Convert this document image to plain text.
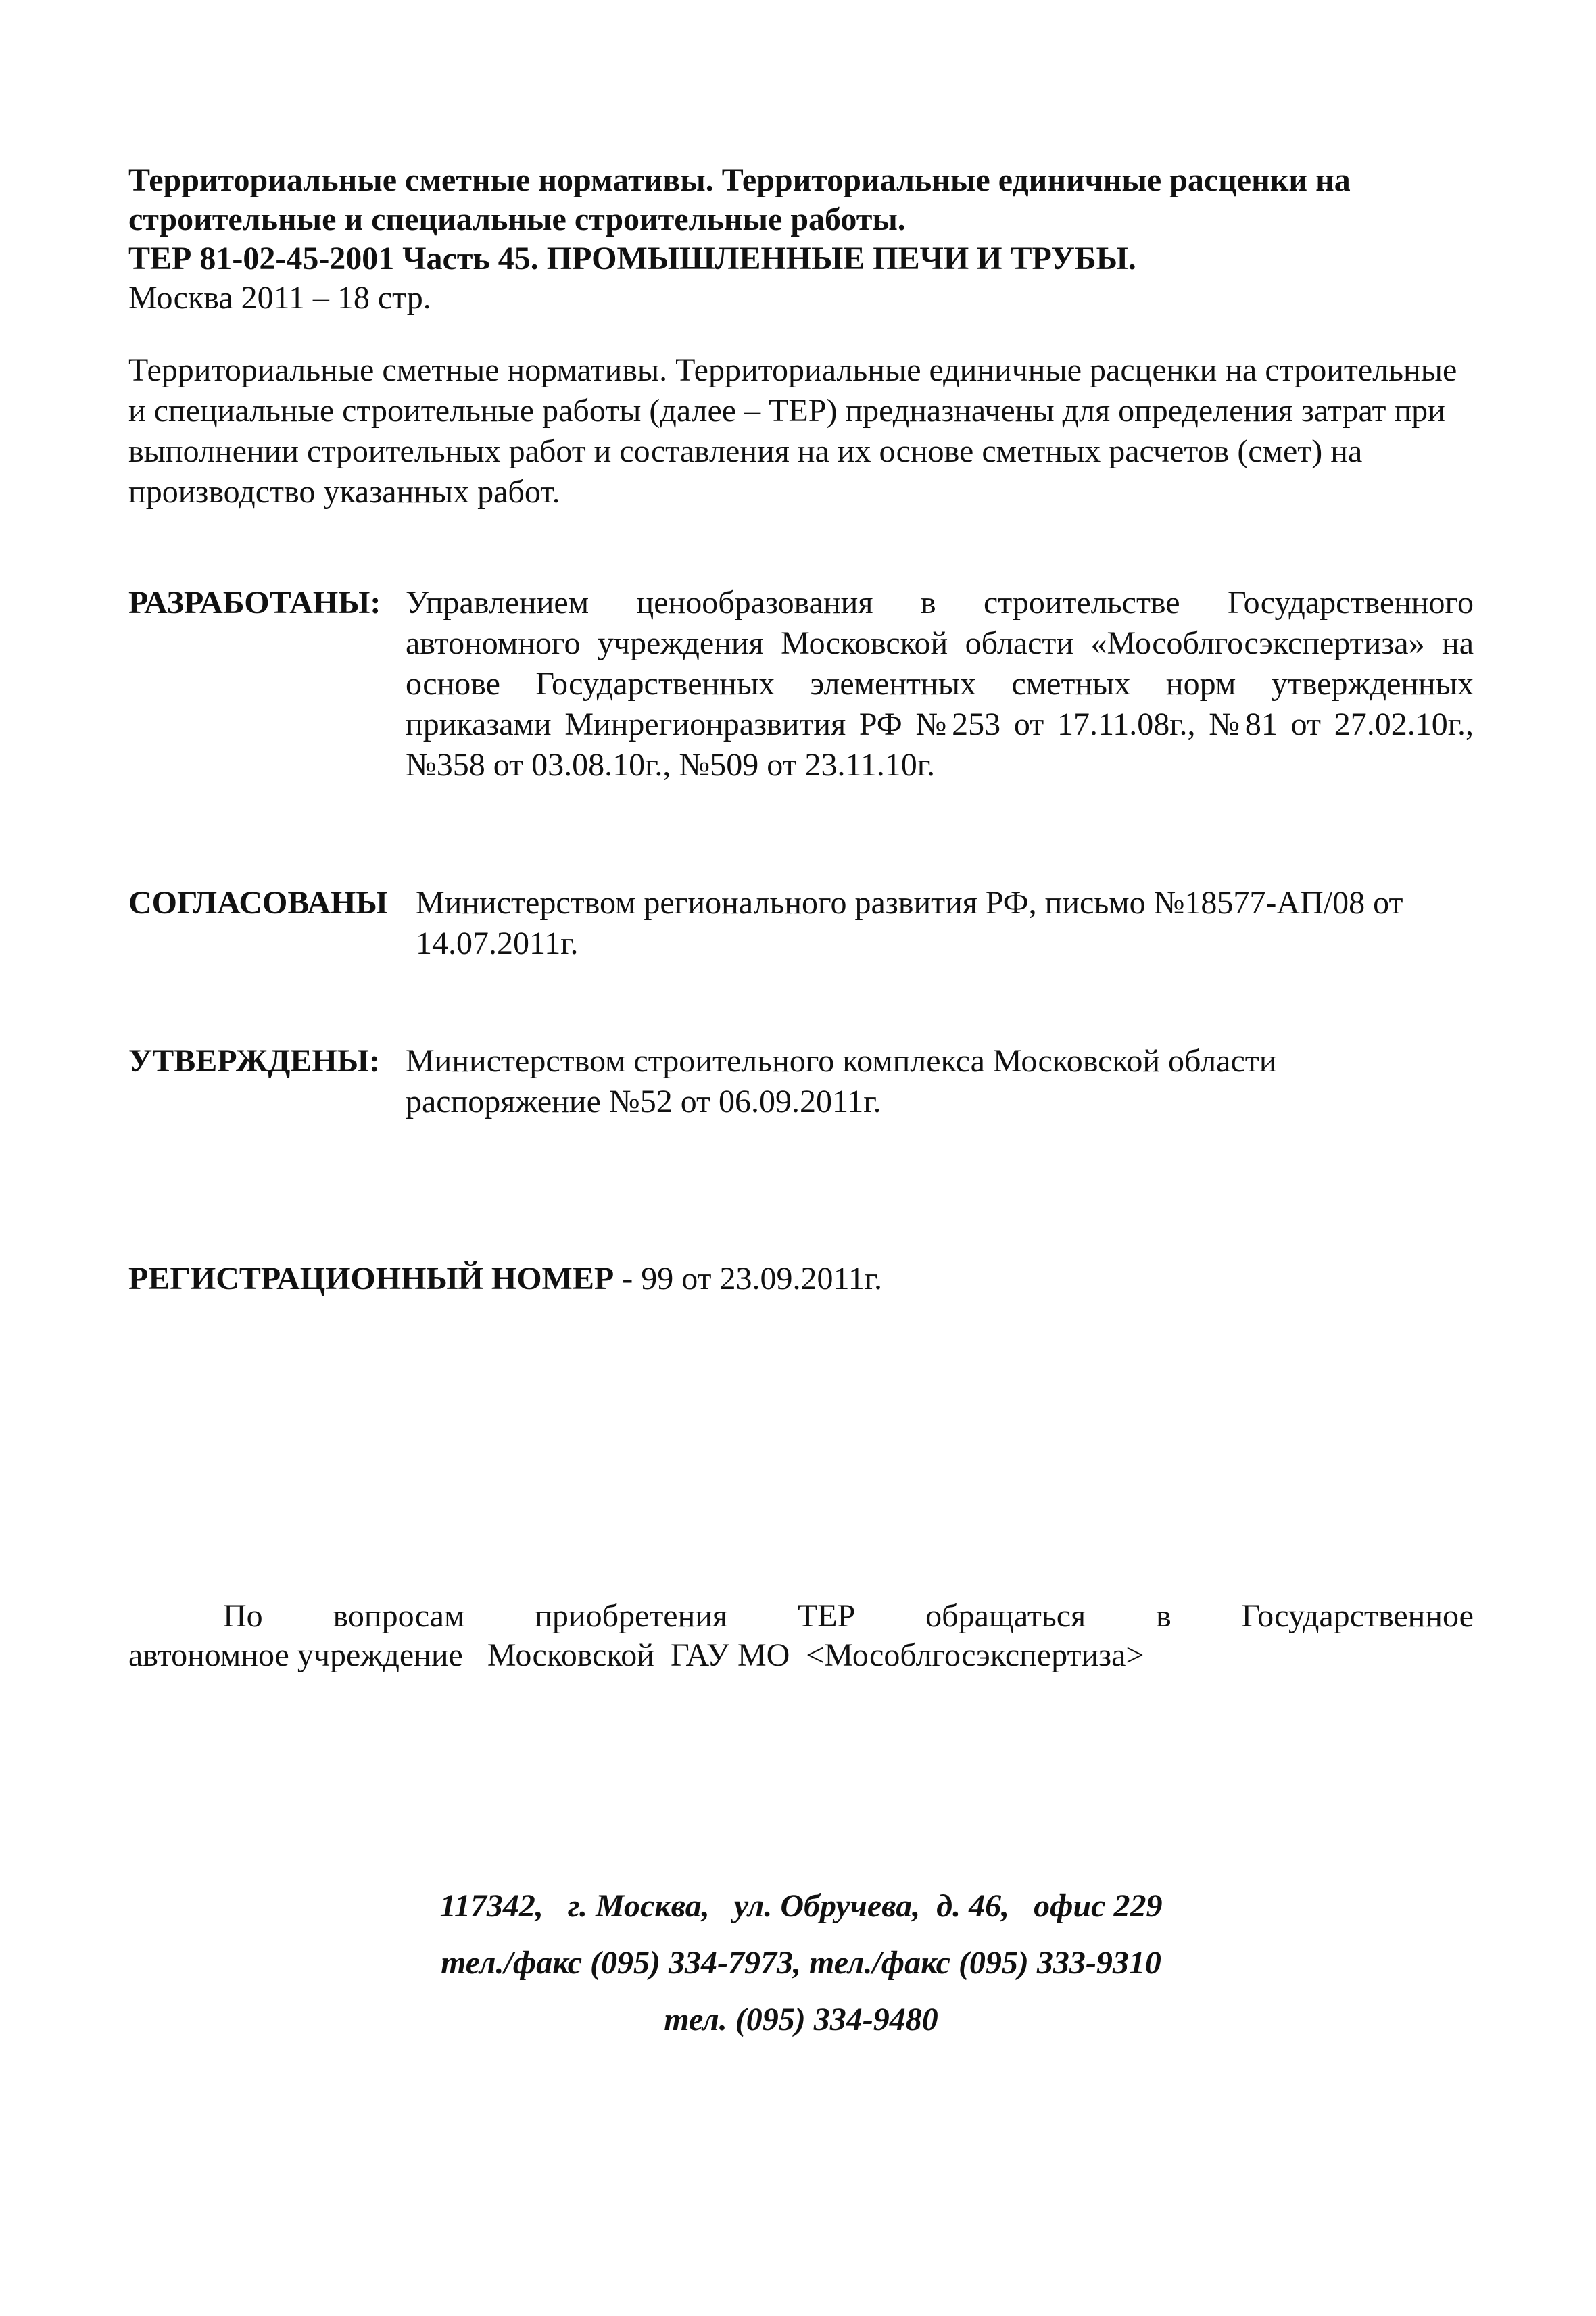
Территориальные сметные нормативы. Территориальные единичные расценки на
строительные и специальные строительные работы.
ТЕР 81-02-45-2001 Часть 45. ПРОМЫШЛЕННЫЕ ПЕЧИ И ТРУБЫ.
Москва 2011 – 18 стр.
Территориальные сметные нормативы. Территориальные единичные расценки на строительные и специальные строительные работы (далее – ТЕР) предназначены для определения затрат при выполнении строительных работ и составления на их основе сметных расчетов (смет) на производство указанных работ.
РАЗРАБОТАНЫ: Управлением ценообразования в строительстве Государственного автономного учреждения Московской области «Мособлгосэкспертиза» на основе Государственных элементных сметных норм утвержденных приказами Минрегионразвития РФ №253 от 17.11.08г., №81 от 27.02.10г., №358 от 03.08.10г., №509 от 23.11.10г.
СОГЛАСОВАНЫ Министерством регионального развития РФ, письмо №18577-АП/08 от 14.07.2011г.
УТВЕРЖДЕНЫ: Министерством строительного комплекса Московской области распоряжение №52 от 06.09.2011г.
РЕГИСТРАЦИОННЫЙ НОМЕР - 99 от 23.09.2011г.
По вопросам приобретения ТЕР обращаться в Государственное
автономное учреждение   Московской  ГАУ МО  <Мособлгосэкспертиза>
117342,   г. Москва,   ул. Обручева,  д. 46,   офис 229
тел./факс (095) 334-7973, тел./факс (095) 333-9310
тел. (095) 334-9480
